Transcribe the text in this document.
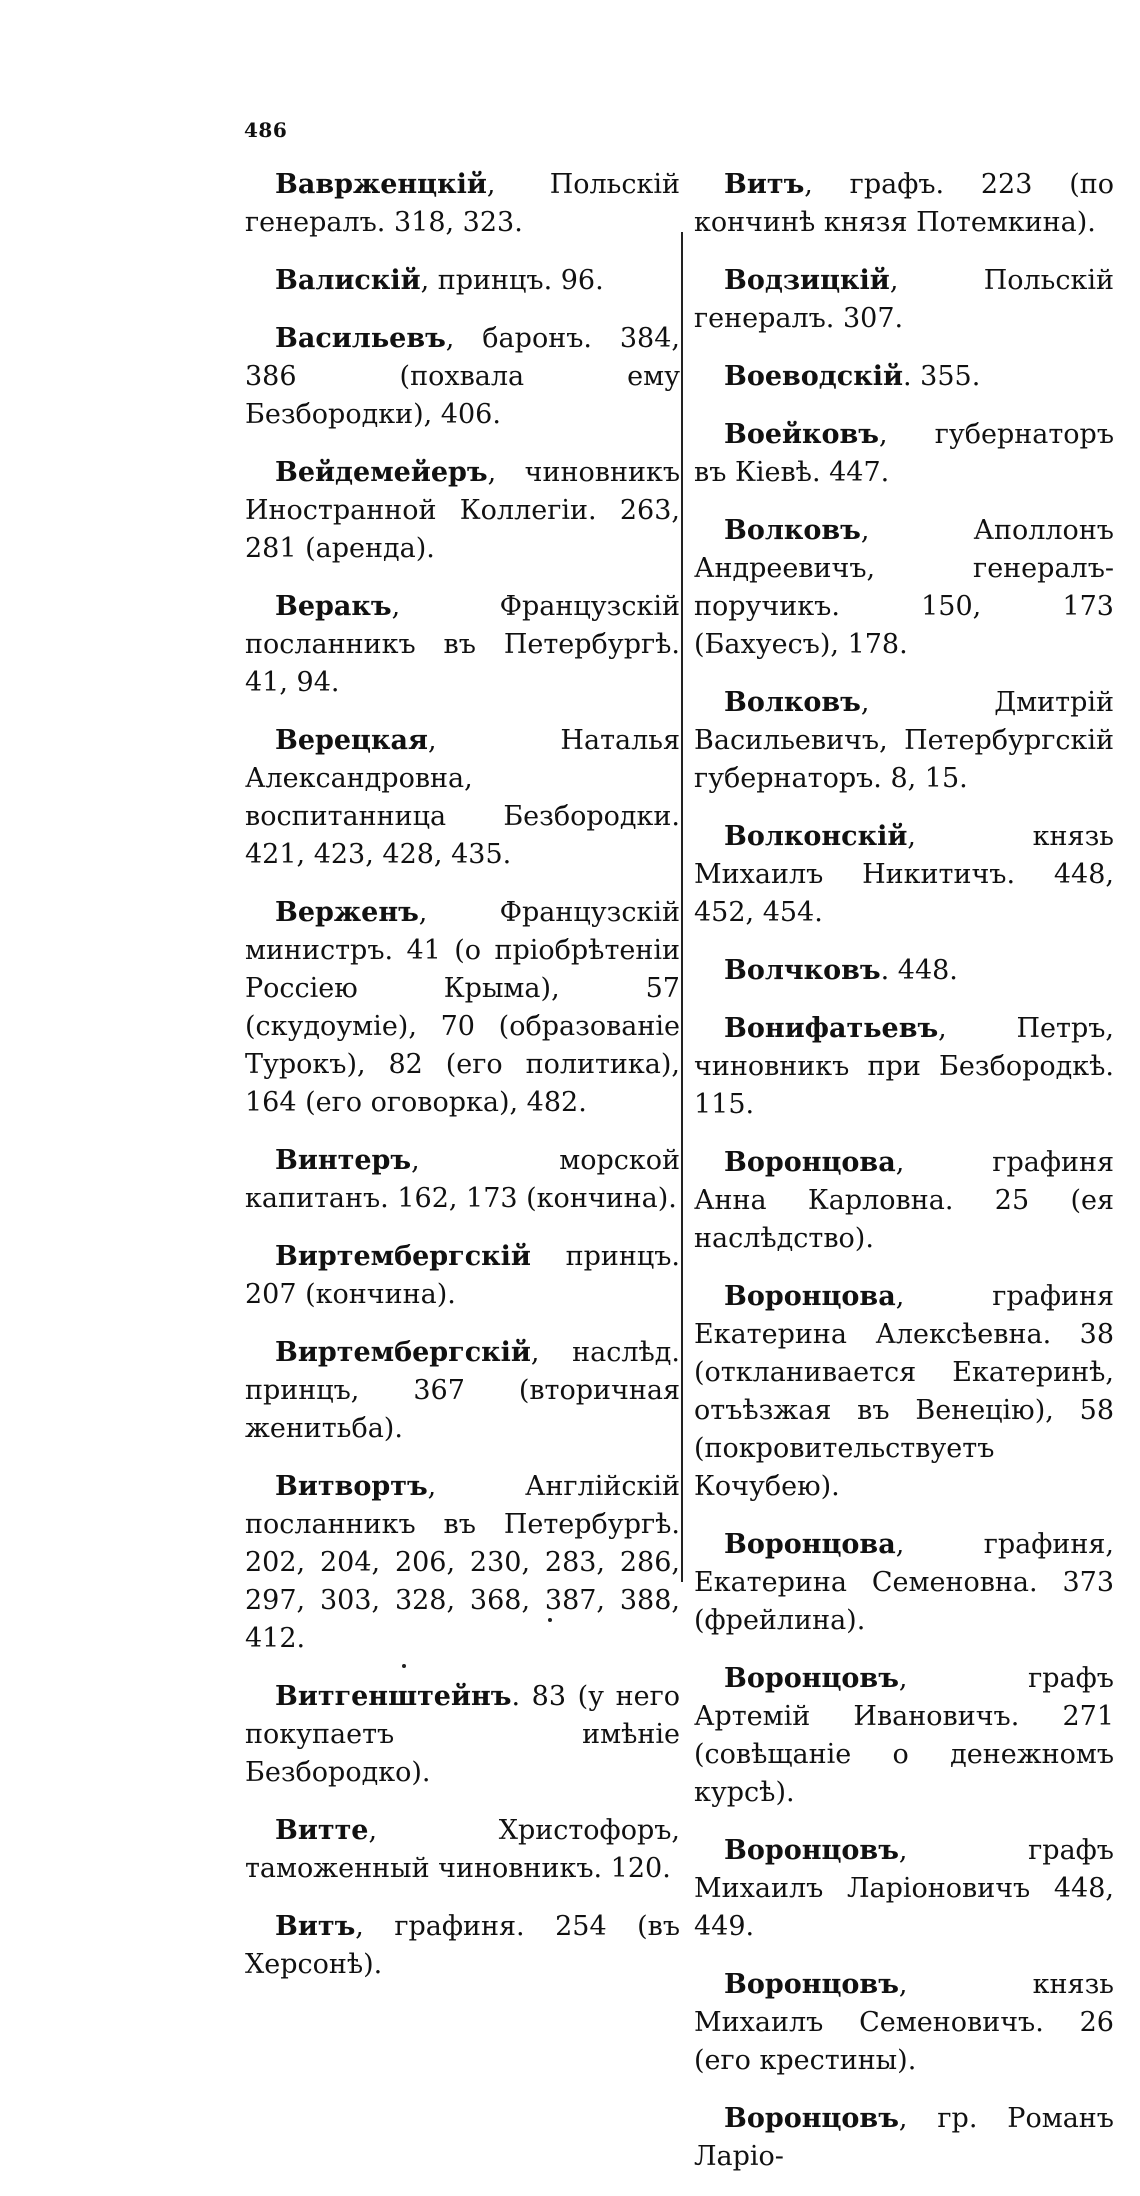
486

Ваврженцкій, Польскій генералъ. 318, 323.

Валискій, принцъ. 96.

Васильевъ, баронъ. 384, 386 (похвала ему Безбородки), 406.

Вейдемейеръ, чиновникъ Иностранной Коллегіи. 263, 281 (аренда).

Веракъ, Французскій посланникъ въ Петербургѣ. 41, 94.

Верецкая, Наталья Александровна, воспитанница Безбородки. 421, 423, 428, 435.

Верженъ, Французскій министръ. 41 (о пріобрѣтеніи Россіею Крыма), 57 (скудоуміе), 70 (образованіе Турокъ), 82 (его политика), 164 (его оговорка), 482.

Винтеръ, морской капитанъ. 162, 173 (кончина).

Виртембергскій принцъ. 207 (кончина).

Виртембергскій, наслѣд. принцъ, 367 (вторичная женитьба).

Витвортъ, Англійскій посланникъ въ Петербургѣ. 202, 204, 206, 230, 283, 286, 297, 303, 328, 368, 387, 388, 412.

Витгенштейнъ. 83 (у него покупаетъ имѣніе Безбородко).

Витте, Христофоръ, таможенный чиновникъ. 120.

Витъ, графиня. 254 (въ Херсонѣ).

Витъ, графъ. 223 (по кончинѣ князя Потемкина).

Водзицкій, Польскій генералъ. 307.

Воеводскій. 355.

Воейковъ, губернаторъ въ Кіевѣ. 447.

Волковъ, Аполлонъ Андреевичъ, генералъ-поручикъ. 150, 173 (Бахуесъ), 178.

Волковъ, Дмитрій Васильевичъ, Петербургскій губернаторъ. 8, 15.

Волконскій, князь Михаилъ Никитичъ. 448, 452, 454.

Волчковъ. 448.

Вонифатьевъ, Петръ, чиновникъ при Безбородкѣ. 115.

Воронцова, графиня Анна Карловна. 25 (ея наслѣдство).

Воронцова, графиня Екатерина Алексѣевна. 38 (откланивается Екатеринѣ, отъѣзжая въ Венецію), 58 (покровительствуетъ Кочубею).

Воронцова, графиня, Екатерина Семеновна. 373 (фрейлина).

Воронцовъ, графъ Артемій Ивановичъ. 271 (совѣщаніе о денежномъ курсѣ).

Воронцовъ, графъ Михаилъ Ларіоновичъ 448, 449.

Воронцовъ, князь Михаилъ Семеновичъ. 26 (его крестины).

Воронцовъ, гр. Романъ Ларіо-
